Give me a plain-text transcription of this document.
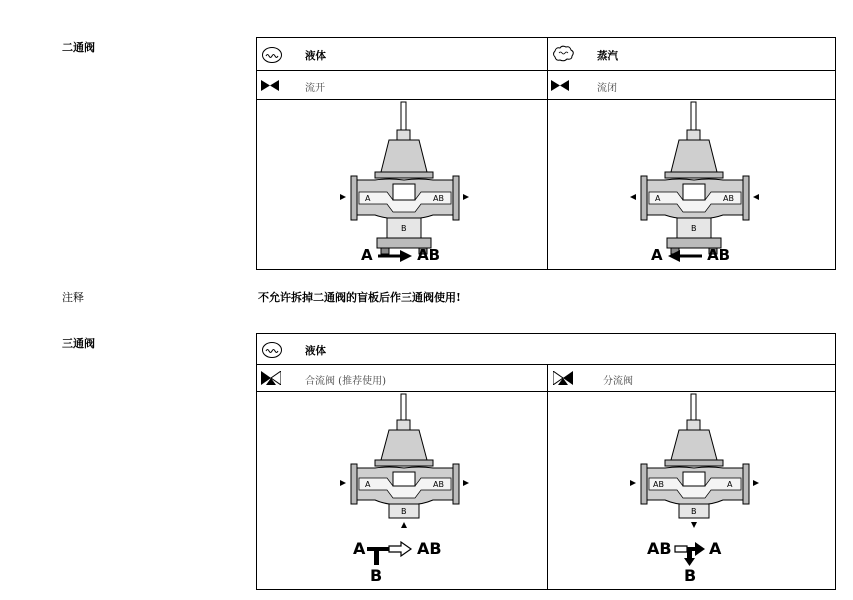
二通阀
注释	不允许拆掉二通阀的盲板后作三通阀使用!
三通阀
液体	蒸汽
流开	流闭
A	AB
B
A	AB
A	AB
B
A	AB
液体
合流阀 (推荐使用)	分流阀
A	AB
B
A	AB
B
AB	A
B
AB A
B
